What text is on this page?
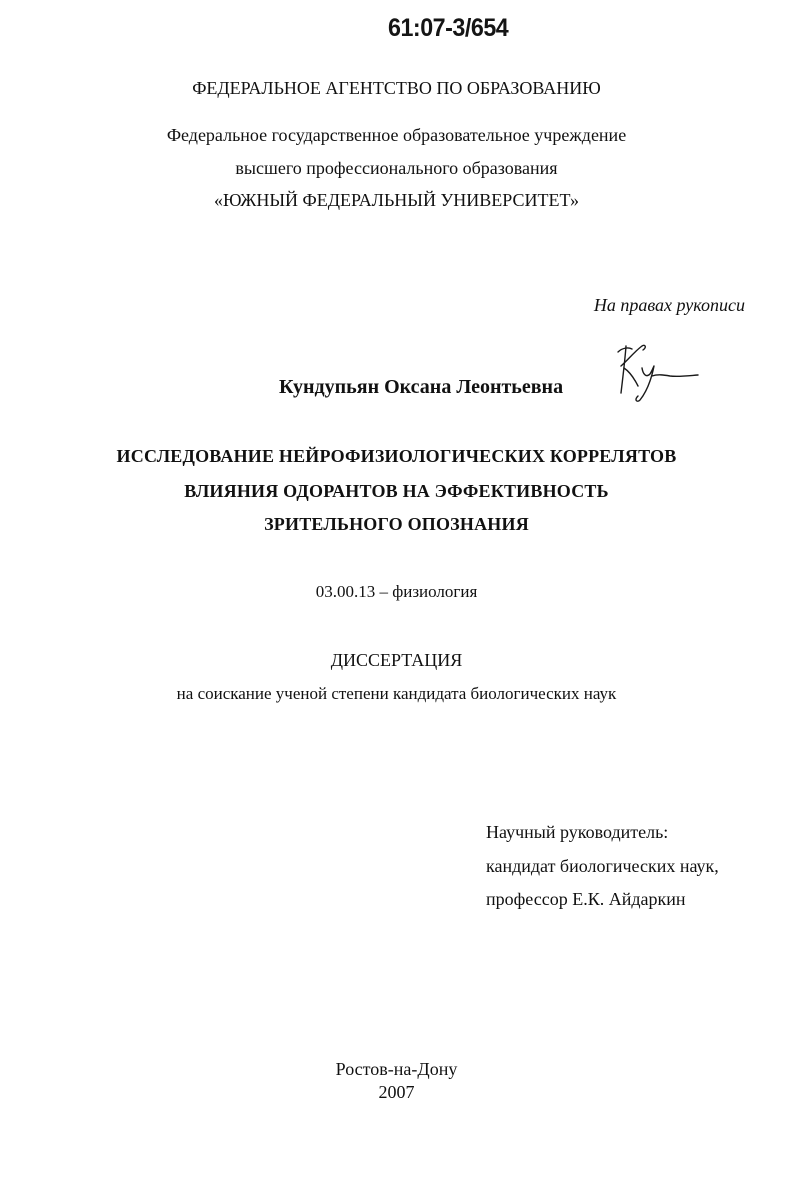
61:07-3/654
ФЕДЕРАЛЬНОЕ АГЕНТСТВО ПО ОБРАЗОВАНИЮ
Федеральное государственное образовательное учреждение
высшего профессионального образования
«ЮЖНЫЙ ФЕДЕРАЛЬНЫЙ УНИВЕРСИТЕТ»
На правах рукописи
Кундупьян Оксана Леонтьевна
ИССЛЕДОВАНИЕ НЕЙРОФИЗИОЛОГИЧЕСКИХ КОРРЕЛЯТОВ
ВЛИЯНИЯ ОДОРАНТОВ НА ЭФФЕКТИВНОСТЬ
ЗРИТЕЛЬНОГО ОПОЗНАНИЯ
03.00.13 – физиология
ДИССЕРТАЦИЯ
на соискание ученой степени кандидата биологических наук
Научный руководитель:
кандидат биологических наук,
профессор Е.К. Айдаркин
Ростов-на-Дону
2007
